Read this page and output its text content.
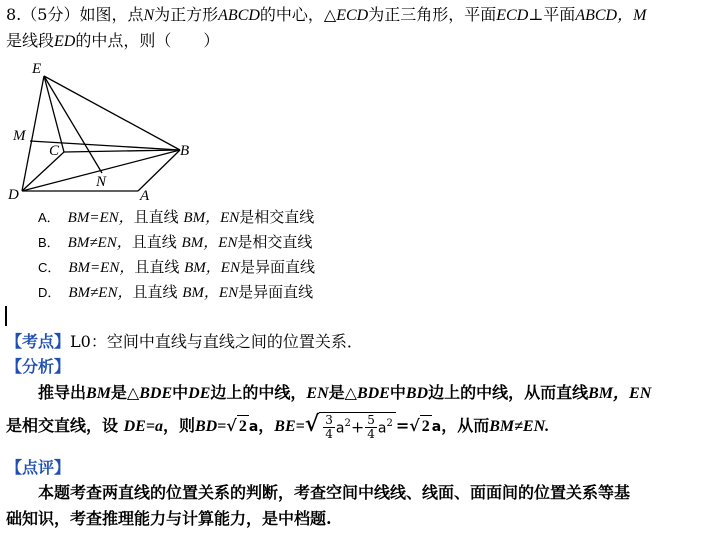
8.（5分）如图，点N为正方形ABCD的中心，△ECD为正三角形，平面ECD⊥平面ABCD，M
是线段ED的中点，则（　　）
E
M
C	B
N
D	A
A． BM=EN，且直线 BM，EN是相交直线
B． BM≠EN，且直线 BM，EN是相交直线
C． BM=EN，且直线 BM，EN是异面直线
D． BM≠EN，且直线 BM，EN是异面直线
【考点】L0：空间中直线与直线之间的位置关系．
【分析】
推导出BM是△BDE中DE边上的中线，EN是△BDE中BD边上的中线，从而直线BM，EN
是相交直线，设 DE=a，则BD=√ 2 a，$BE=√ \frac{3}{4} a^2+ \frac{5}{4} a^2$ =√ 2 a，从而BM≠EN.
【点评】
本题考查两直线的位置关系的判断，考查空间中线线、线面、面面间的位置关系等基
础知识，考查推理能力与计算能力，是中档题.
